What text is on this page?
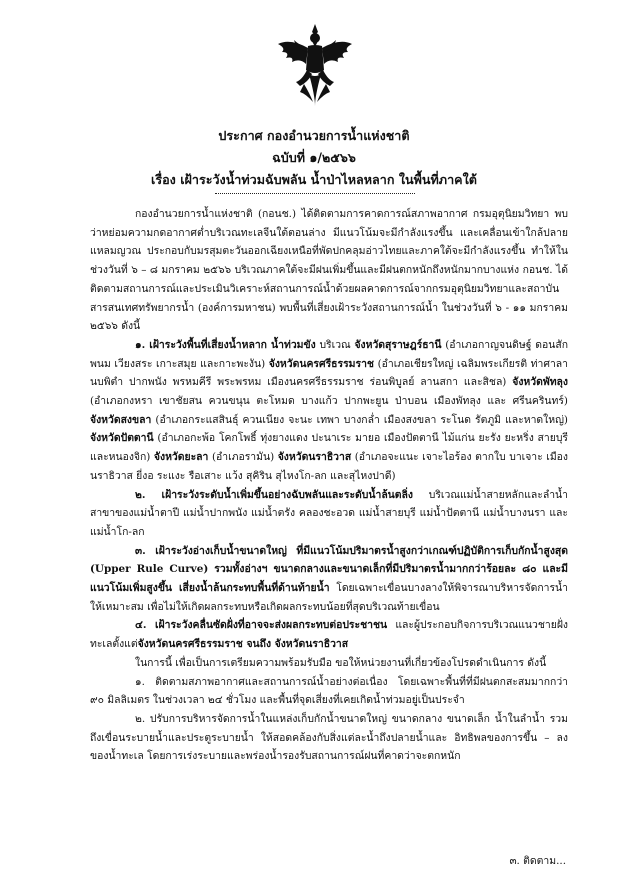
ประกาศ กองอำนวยการน้ำแห่งชาติ
ฉบับที่ ๑/๒๕๖๖
เรื่อง เฝ้าระวังน้ำท่วมฉับพลัน น้ำป่าไหลหลาก ในพื้นที่ภาคใต้

กองอำนวยการน้ำแห่งชาติ (กอนช.) ได้ติดตามการคาดการณ์สภาพอากาศ กรมอุตุนิยมวิทยา พบว่าหย่อมความกดอากาศต่ำบริเวณทะเลจีนใต้ตอนล่าง มีแนวโน้มจะมีกำลังแรงขึ้น และเคลื่อนเข้าใกล้ปลายแหลมญวณ ประกอบกับมรสุมตะวันออกเฉียงเหนือที่พัดปกคลุมอ่าวไทยและภาคใต้จะมีกำลังแรงขึ้น ทำให้ในช่วงวันที่ ๖ – ๘ มกราคม ๒๕๖๖ บริเวณภาคใต้จะมีฝนเพิ่มขึ้นและมีฝนตกหนักถึงหนักมากบางแห่ง กอนช. ได้ติดตามสถานการณ์และประเมินวิเคราะห์สถานการณ์น้ำด้วยผลคาดการณ์จากกรมอุตุนิยมวิทยาและสถาบันสารสนเทศทรัพยากรน้ำ (องค์การมหาชน) พบพื้นที่เสี่ยงเฝ้าระวังสถานการณ์น้ำ ในช่วงวันที่ ๖ - ๑๑ มกราคม ๒๕๖๖ ดังนี้

๑. เฝ้าระวังพื้นที่เสี่ยงน้ำหลาก น้ำท่วมขัง บริเวณ จังหวัดสุราษฎร์ธานี (อำเภอกาญจนดิษฐ์ ดอนสัก พนม เวียงสระ เกาะสมุย และกาะพะงัน) จังหวัดนครศรีธรรมราช (อำเภอเชียรใหญ่ เฉลิมพระเกียรติ ท่าศาลา นบพิตำ ปากพนัง พรหมคีรี พระพรหม เมืองนครศรีธรรมราช ร่อนพิบูลย์ ลานสกา และสิชล) จังหวัดพัทลุง (อำเภอกงหรา เขาชัยสน ควนขนุน ตะโหมด บางแก้ว ปากพะยูน ป่าบอน เมืองพัทลุง และ ศรีนครินทร์) จังหวัดสงขลา (อำเภอกระแสสินธุ์ ควนเนียง จะนะ เทพา บางกล่ำ เมืองสงขลา ระโนด รัตภูมิ และหาดใหญ่) จังหวัดปัตตานี (อำเภอกะพ้อ โคกโพธิ์ ทุ่งยางแดง ปะนาเระ มายอ เมืองปัตตานี ไม้แก่น ยะรัง ยะหริ่ง สายบุรี และหนองจิก) จังหวัดยะลา (อำเภอรามัน) จังหวัดนราธิวาส (อำเภอจะแนะ เจาะไอร้อง ตากใบ บาเจาะ เมืองนราธิวาส ยี่งอ ระแงะ รือเสาะ แว้ง สุคิริน สุไหงโก-ลก และสุไหงปาดี)

๒. เฝ้าระวังระดับน้ำเพิ่มขึ้นอย่างฉับพลันและระดับน้ำล้นตลิ่ง บริเวณแม่น้ำสายหลักและลำน้ำสาขาของแม่น้ำตาปี แม่น้ำปากพนัง แม่น้ำตรัง คลองชะอวด แม่น้ำสายบุรี แม่น้ำปัตตานี แม่น้ำบางนรา และแม่น้ำโก-ลก

๓. เฝ้าระวังอ่างเก็บน้ำขนาดใหญ่ ที่มีแนวโน้มปริมาตรน้ำสูงกว่าเกณฑ์ปฏิบัติการเก็บกักน้ำสูงสุด (Upper Rule Curve) รวมทั้งอ่างฯ ขนาดกลางและขนาดเล็กที่มีปริมาตรน้ำมากกว่าร้อยละ ๘๐ และมีแนวโน้มเพิ่มสูงขึ้น เสี่ยงน้ำล้นกระทบพื้นที่ด้านท้ายน้ำ โดยเฉพาะเขื่อนบางลางให้พิจารณาบริหารจัดการน้ำให้เหมาะสม เพื่อไม่ให้เกิดผลกระทบหรือเกิดผลกระทบน้อยที่สุดบริเวณท้ายเขื่อน

๔. เฝ้าระวังคลื่นซัดฝั่งที่อาจจะส่งผลกระทบต่อประชาชน และผู้ประกอบกิจการบริเวณแนวชายฝั่งทะเลตั้งแต่จังหวัดนครศรีธรรมราช จนถึง จังหวัดนราธิวาส

ในการนี้ เพื่อเป็นการเตรียมความพร้อมรับมือ ขอให้หน่วยงานที่เกี่ยวข้องโปรดดำเนินการ ดังนี้

๑. ติดตามสภาพอากาศและสถานการณ์น้ำอย่างต่อเนื่อง โดยเฉพาะพื้นที่ที่มีฝนตกสะสมมากกว่า ๙๐ มิลลิเมตร ในช่วงเวลา ๒๔ ชั่วโมง และพื้นที่จุดเสี่ยงที่เคยเกิดน้ำท่วมอยู่เป็นประจำ

๒. ปรับการบริหารจัดการน้ำในแหล่งเก็บกักน้ำขนาดใหญ่ ขนาดกลาง ขนาดเล็ก น้ำในลำน้ำ รวมถึงเขื่อนระบายน้ำและประตูระบายน้ำ ให้สอดคล้องกับสิ่งแต่ละน้ำถึงปลายน้ำและ อิทธิพลของการขึ้น – ลง ของน้ำทะเล โดยการเร่งระบายและพร่องน้ำรองรับสถานการณ์ฝนที่คาดว่าจะตกหนัก

๓. ติดตาม...
